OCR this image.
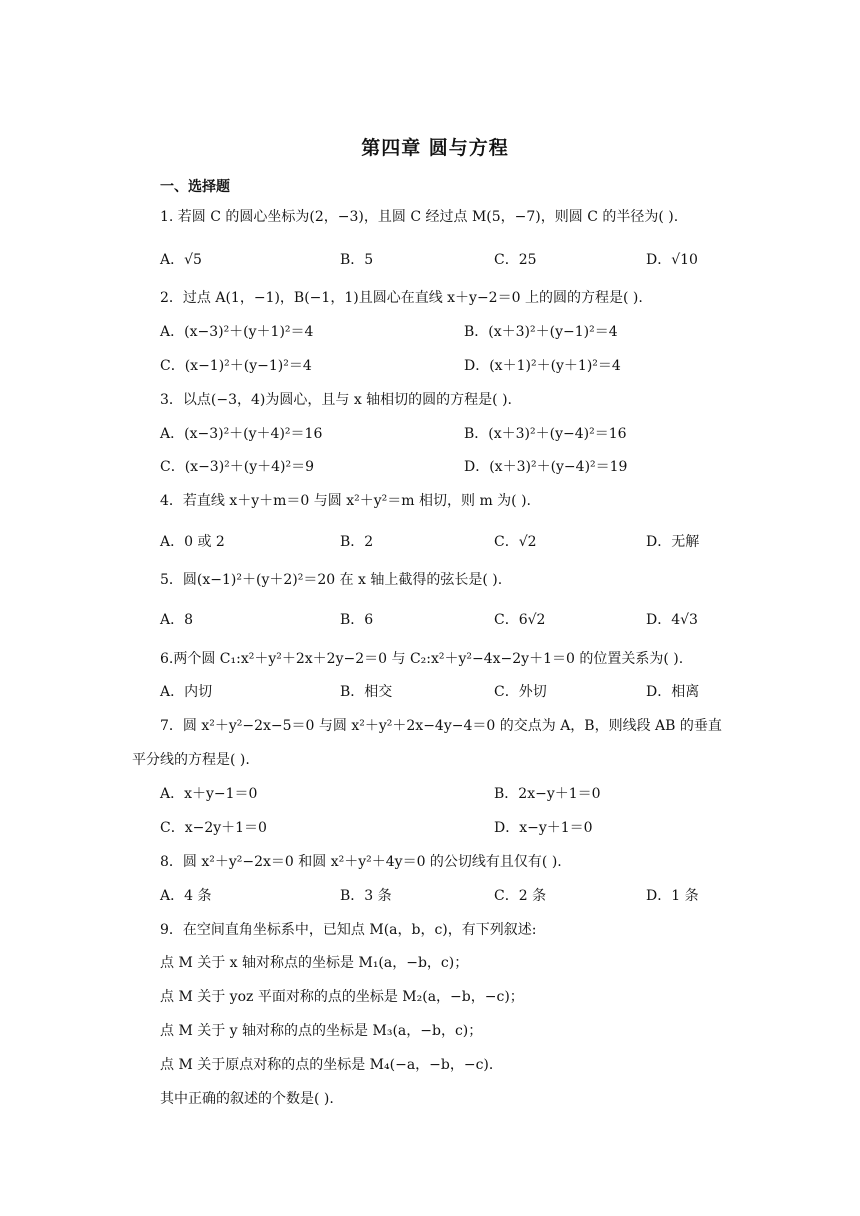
第四章 圆与方程
一、选择题
1. 若圆 C 的圆心坐标为(2，−3)，且圆 C 经过点 M(5，−7)，则圆 C 的半径为( ).
A．√5	B．5	C．25	D．√10
2．过点 A(1，−1)，B(−1，1)且圆心在直线 x＋y−2＝0 上的圆的方程是( ).
A．(x−3)²＋(y＋1)²＝4	B．(x＋3)²＋(y−1)²＝4
C．(x−1)²＋(y−1)²＝4	D．(x＋1)²＋(y＋1)²＝4
3．以点(−3，4)为圆心，且与 x 轴相切的圆的方程是( ).
A．(x−3)²＋(y＋4)²＝16	B．(x＋3)²＋(y−4)²＝16
C．(x−3)²＋(y＋4)²＝9	D．(x＋3)²＋(y−4)²＝19
4．若直线 x＋y＋m＝0 与圆 x²＋y²＝m 相切，则 m 为( ).
A．0 或 2	B．2	C．√2	D．无解
5．圆(x−1)²＋(y＋2)²＝20 在 x 轴上截得的弦长是( ).
A．8	B．6	C．6√2	D．4√3
6.两个圆 C₁:x²＋y²＋2x＋2y−2＝0 与 C₂:x²＋y²−4x−2y＋1＝0 的位置关系为( ).
A．内切	B．相交	C．外切	D．相离
7．圆 x²＋y²−2x−5＝0 与圆 x²＋y²＋2x−4y−4＝0 的交点为 A，B，则线段 AB 的垂直
平分线的方程是( ).
A．x＋y−1＝0	B．2x−y＋1＝0
C．x−2y＋1＝0	D．x−y＋1＝0
8．圆 x²＋y²−2x＝0 和圆 x²＋y²＋4y＝0 的公切线有且仅有( ).
A．4 条	B．3 条	C．2 条	D．1 条
9．在空间直角坐标系中，已知点 M(a，b，c)，有下列叙述:
点 M 关于 x 轴对称点的坐标是 M₁(a，−b，c)；
点 M 关于 yoz 平面对称的点的坐标是 M₂(a，−b，−c)；
点 M 关于 y 轴对称的点的坐标是 M₃(a，−b，c)；
点 M 关于原点对称的点的坐标是 M₄(−a，−b，−c)．
其中正确的叙述的个数是( ).
